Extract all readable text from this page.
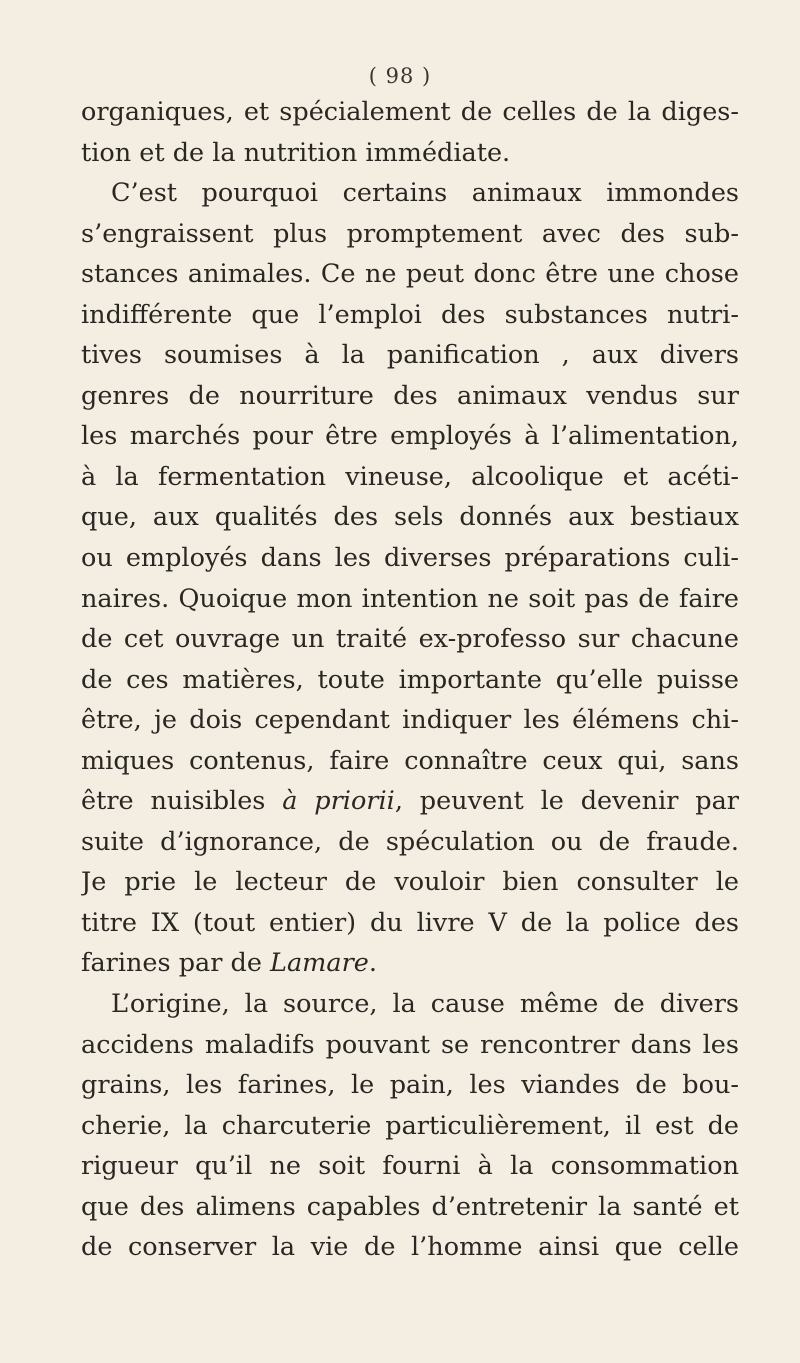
( 98 )
organiques, et spécialement de celles de la diges-
tion et de la nutrition immédiate.
C’est pourquoi certains animaux immondes
s’engraissent plus promptement avec des sub-
stances animales. Ce ne peut donc être une chose
indifférente que l’emploi des substances nutri-
tives soumises à la panification , aux divers
genres de nourriture des animaux vendus sur
les marchés pour être employés à l’alimentation,
à la fermentation vineuse, alcoolique et acéti-
que, aux qualités des sels donnés aux bestiaux
ou employés dans les diverses préparations culi-
naires. Quoique mon intention ne soit pas de faire
de cet ouvrage un traité ex-professo sur chacune
de ces matières, toute importante qu’elle puisse
être, je dois cependant indiquer les élémens chi-
miques contenus, faire connaître ceux qui, sans
être nuisibles à priorii, peuvent le devenir par
suite d’ignorance, de spéculation ou de fraude.
Je prie le lecteur de vouloir bien consulter le
titre IX (tout entier) du livre V de la police des
farines par de Lamare.
L’origine, la source, la cause même de divers
accidens maladifs pouvant se rencontrer dans les
grains, les farines, le pain, les viandes de bou-
cherie, la charcuterie particulièrement, il est de
rigueur qu’il ne soit fourni à la consommation
que des alimens capables d’entretenir la santé et
de conserver la vie de l’homme ainsi que celle
